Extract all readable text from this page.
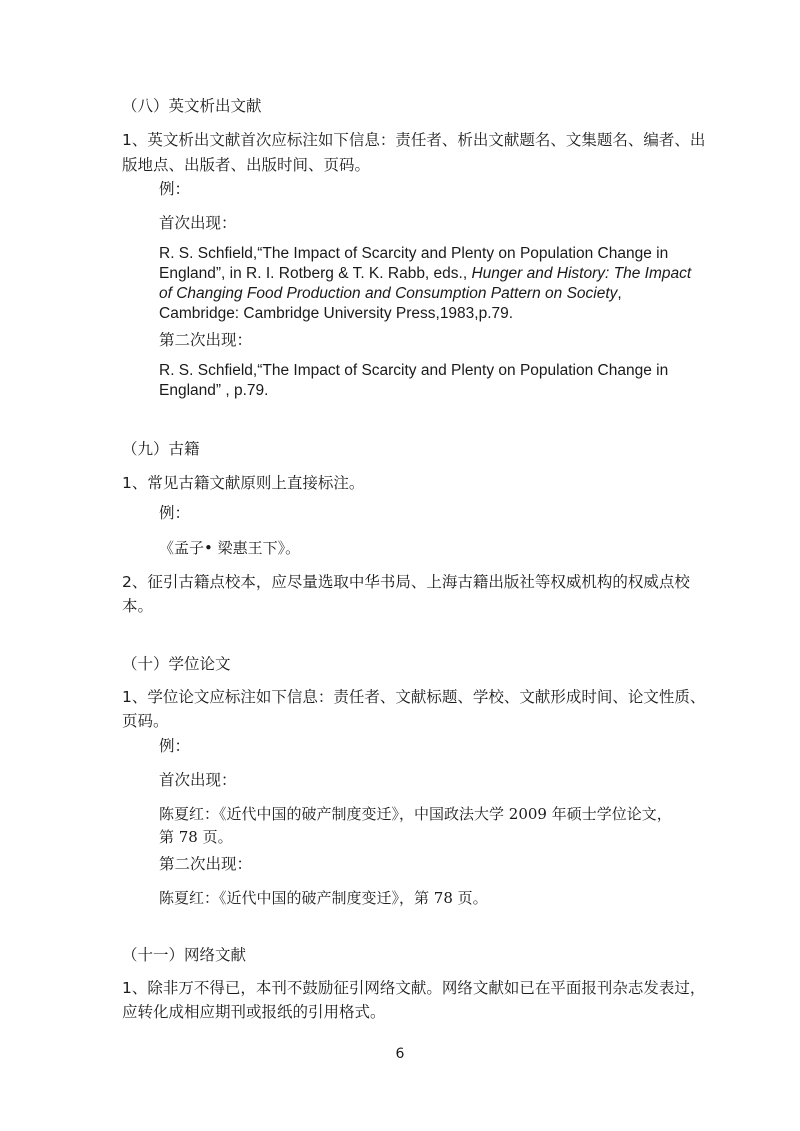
（八）英文析出文献
1、英文析出文献首次应标注如下信息：责任者、析出文献题名、文集题名、编者、出
版地点、出版者、出版时间、页码。
例：
首次出现：
R. S. Schfield,“The Impact of Scarcity and Plenty on Population Change in
England”, in R. I. Rotberg & T. K. Rabb, eds., Hunger and History: The Impact
of Changing Food Production and Consumption Pattern on Society,
Cambridge: Cambridge University Press,1983,p.79.
第二次出现：
R. S. Schfield,“The Impact of Scarcity and Plenty on Population Change in
England” , p.79.
（九）古籍
1、常见古籍文献原则上直接标注。
例：
《孟子• 梁惠王下》。
2、征引古籍点校本，应尽量选取中华书局、上海古籍出版社等权威机构的权威点校
本。
（十）学位论文
1、学位论文应标注如下信息：责任者、文献标题、学校、文献形成时间、论文性质、
页码。
例：
首次出现：
陈夏红：《近代中国的破产制度变迁》，中国政法大学 2009 年硕士学位论文，
第 78 页。
第二次出现：
陈夏红：《近代中国的破产制度变迁》，第 78 页。
（十一）网络文献
1、除非万不得已，本刊不鼓励征引网络文献。网络文献如已在平面报刊杂志发表过，
应转化成相应期刊或报纸的引用格式。
6
